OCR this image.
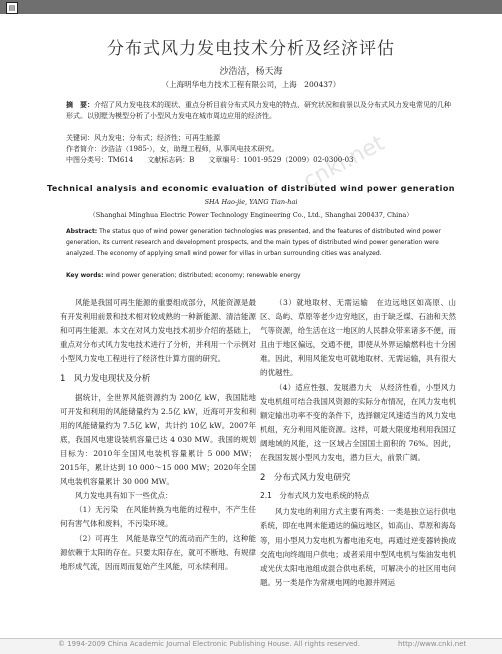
▤
cnki.net
分布式风力发电技术分析及经济评估
沙浩洁，杨天海
（上海明华电力技术工程有限公司，上海　200437）
摘　要：介绍了风力发电技术的现状、重点分析目前分布式风力发电的特点、研究状况和前景以及分布式风力发电常见的几种形式。以别墅为模型分析了小型风力发电在城市周边应用的经济性。
关键词：风力发电；分布式；经济性；可再生能源
作者简介：沙浩洁（1985-），女，助理工程师，从事风电技术研究。
中图分类号：TM614　　文献标志码：B　　文章编号：1001-9529（2009）02-0300-03
Technical analysis and economic evaluation of distributed wind power generation
SHA Hao-jie, YANG Tian-hai
（Shanghai Minghua Electric Power Technology Engineering Co., Ltd., Shanghai 200437, China）
Abstract: The status quo of wind power generation technologies was presented, and the features of distributed wind power generation, its current research and development prospects, and the main types of distributed wind power generation were analyzed. The economy of applying small wind power for villas in urban surrounding cities was analyzed.
Key words: wind power generation; distributed; economy; renewable energy

风能是我国可再生能源的重要组成部分，风能资源是最有开发利用前景和技术相对较成熟的一种新能源、清洁能源和可再生能源。本文在对风力发电技术初步介绍的基础上，重点对分布式风力发电技术进行了分析，并利用一个示例对小型风力发电工程进行了经济性计算方面的研究。

1　风力发电现状及分析

据统计，全世界风能资源约为 200亿 kW，我国陆地可开发和利用的风能储量约为 2.5亿 kW，近海可开发和利用的风能储量约为 7.5亿 kW，共计约 10亿 kW。2007年底，我国风电建设装机容量已达 4 030 MW。我国的规划目标为：2010年全国风电装机容量累计 5 000 MW；2015年，累计达到 10 000～15 000 MW；2020年全国风电装机容量累计 30 000 MW。

风力发电具有如下一些优点：

（1）无污染　在风能转换为电能的过程中，不产生任何有害气体和废料，不污染环境。

（2）可再生　风能是靠空气的流动而产生的，这种能源依赖于太阳的存在。只要太阳存在，就可不断地、有规律地形成气流，因而周而复始产生风能，可永续利用。

（3）就地取材、无需运输　在边远地区如高原、山区、岛屿、草原等老少边穷地区，由于缺乏煤、石油和天然气等资源，给生活在这一地区的人民群众带来诸多不便，而且由于地区偏远，交通不便，即使从外界运输燃料也十分困难。因此，利用风能发电可就地取材、无需运输，具有很大的优越性。

（4）适应性强、发展潜力大　从经济性看，小型风力发电机组可结合我国风资源的实际分布情况，在风力发电机额定输出功率不变的条件下，选择额定风速适当的风力发电机组，充分利用风能资源。这样，可最大限度地利用我国辽阔地域的风能，这一区域占全国国土面积的 76%。因此，在我国发展小型风力发电，潜力巨大，前景广阔。

2　分布式风力发电研究

2.1　分布式风力发电系统的特点

风力发电的利用方式主要有两类：一类是独立运行供电系统，即在电网未能通达的偏远地区，如高山、草原和海岛等，用小型风力发电机为蓄电池充电，再通过逆变器转换成交流电向终端用户供电；或者采用中型风电机与柴油发电机或光伏太阳电池组成混合供电系统，可解决小的社区用电问题。另一类是作为常规电网的电源并网运

© 1994-2009 China Academic Journal Electronic Publishing House. All rights reserved.	http://www.cnki.net
